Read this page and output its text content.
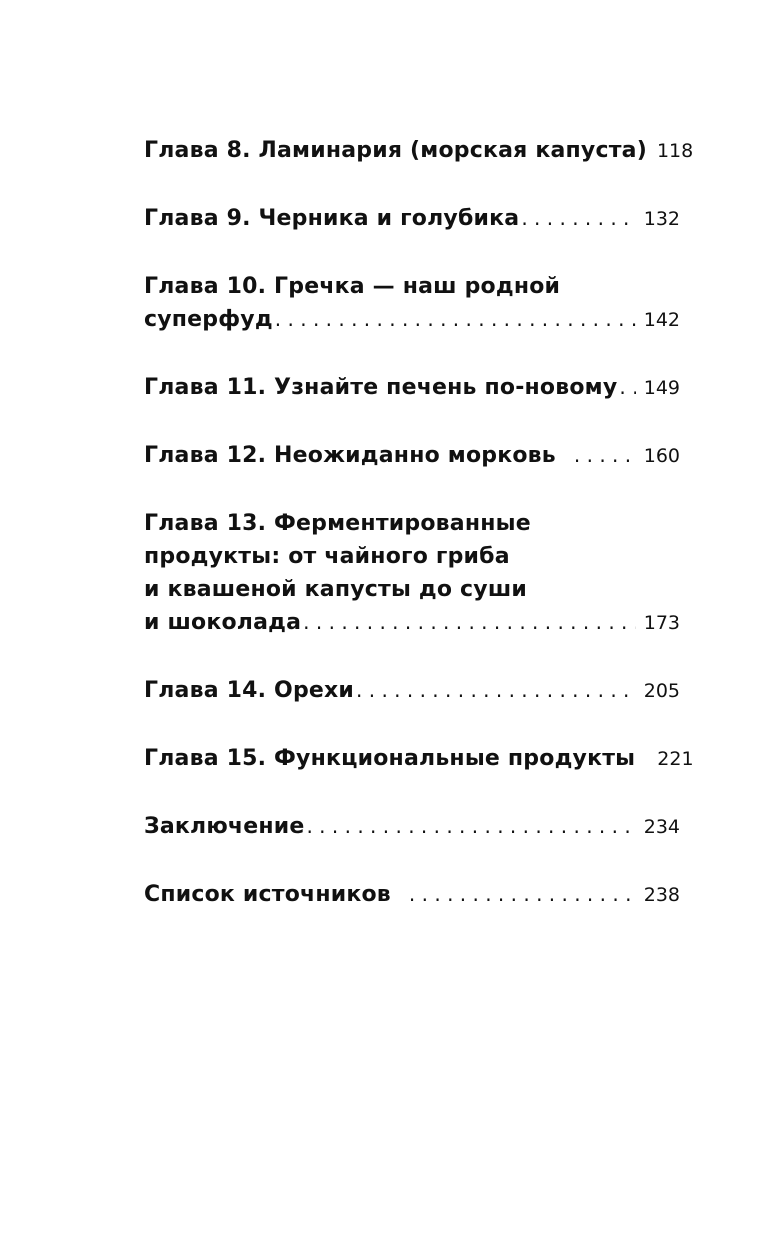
Глава 8. Ламинария (морская капуста) 118
Глава 9. Черника и голубика . . .	132
Глава 10. Гречка — наш родной
суперфуд . . .	142
Глава 11. Узнайте печень по-новому . . . 149
Глава 12. Неожиданно морковь . . .	160
Глава 13. Ферментированные
продукты: от чайного гриба
и квашеной капусты до суши
и шоколада . . .	173
Глава 14. Орехи . . .	205
Глава 15. Функциональные продукты 221
Заключение . . .	234
Список источников . . .	238
